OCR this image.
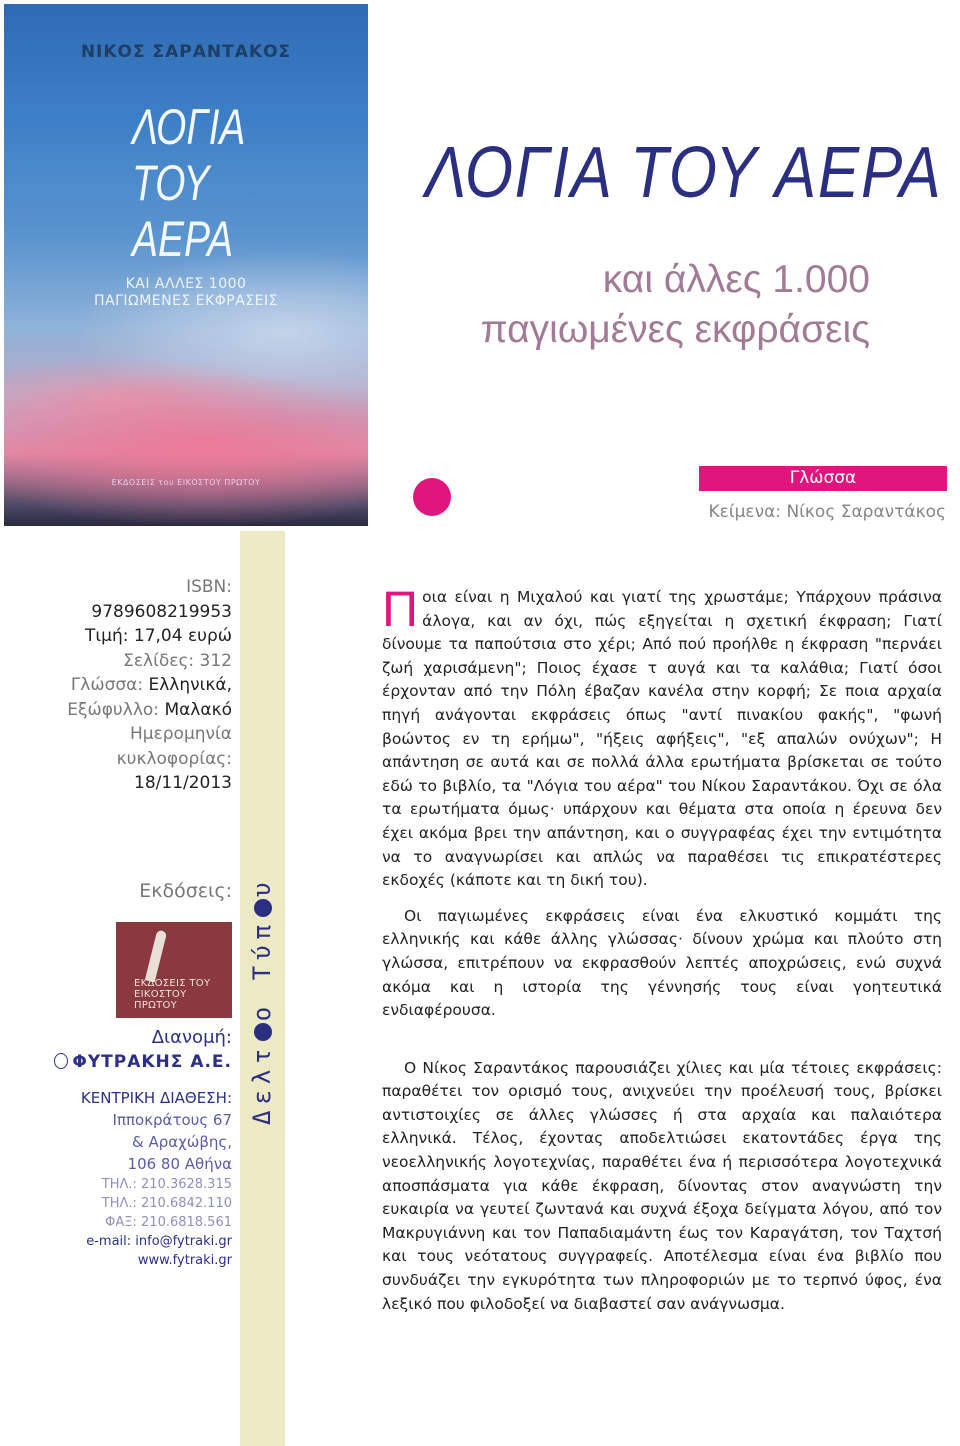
ΝΙΚΟΣ ΣΑΡΑΝΤΑΚΟΣ
ΛΟΓΙΑ
ΤΟΥ
ΑΕΡΑ
ΚΑΙ ΑΛΛΕΣ 1000
ΠΑΓΙΩΜΕΝΕΣ ΕΚΦΡΑΣΕΙΣ
ΕΚΔΟΣΕΙΣ του ΕΙΚΟΣΤΟΥ ΠΡΩΤΟΥ
ΛΟΓΙΑ ΤΟΥ ΑΕΡΑ
και άλλες 1.000
παγιωμένες εκφράσεις
Γλώσσα
Κείμενα: Νίκος Σαραντάκος
ISBN:
9789608219953
Τιμή: 17,04 ευρώ
Σελίδες: 312
Γλώσσα: Ελληνικά,
Εξώφυλλο: Μαλακό
Ημερομηνία
κυκλοφορίας:
18/11/2013
Εκδόσεις:
ΕΚΔΟΣΕΙΣ ΤΟΥ ΕΙΚΟΣΤΟΥ ΠΡΩΤΟΥ
Διανομή:
ΦΥΤΡΑΚΗΣ Α.Ε.
ΚΕΝΤΡΙΚΗ ΔΙΑΘΕΣΗ:
Ιπποκράτους 67
& Αραχώβης,
106 80 Αθήνα
ΤΗΛ.: 210.3628.315
ΤΗΛ.: 210.6842.110
ΦΑΞ: 210.6818.561
e-mail: info@fytraki.gr
www.fytraki.gr
Δελτο Τύπυ

Ποια είναι η Μιχαλού και γιατί της χρωστάμε; Υπάρχουν πράσινα άλογα, και αν όχι, πώς εξηγείται η σχετική έκφραση; Γιατί δίνουμε τα παπούτσια στο χέρι; Από πού προήλθε η έκφραση "περνάει ζωή χαρισάμενη"; Ποιος έχασε τ αυγά και τα καλάθια; Γιατί όσοι έρχονταν από την Πόλη έβαζαν κανέλα στην κορφή; Σε ποια αρχαία πηγή ανάγονται εκφράσεις όπως "αντί πινακίου φακής", "φωνή βοώντος εν τη ερήμω", "ήξεις αφήξεις", "εξ απαλών ονύχων"; Η απάντηση σε αυτά και σε πολλά άλλα ερωτήματα βρίσκεται σε τούτο εδώ το βιβλίο, τα "Λόγια του αέρα" του Νίκου Σαραντάκου. Όχι σε όλα τα ερωτήματα όμως· υπάρχουν και θέματα στα οποία η έρευνα δεν έχει ακόμα βρει την απάντηση, και ο συγγραφέας έχει την εντιμότητα να το αναγνωρίσει και απλώς να παραθέσει τις επικρατέστερες εκδοχές (κάποτε και τη δική του).

Οι παγιωμένες εκφράσεις είναι ένα ελκυστικό κομμάτι της ελληνικής και κάθε άλλης γλώσσας· δίνουν χρώμα και πλούτο στη γλώσσα, επιτρέπουν να εκφρασθούν λεπτές αποχρώσεις, ενώ συχνά ακόμα και η ιστορία της γέννησής τους είναι γοητευτικά ενδιαφέρουσα.

Ο Νίκος Σαραντάκος παρουσιάζει χίλιες και μία τέτοιες εκφράσεις: παραθέτει τον ορισμό τους, ανιχνεύει την προέλευσή τους, βρίσκει αντιστοιχίες σε άλλες γλώσσες ή στα αρχαία και παλαιότερα ελληνικά. Τέλος, έχοντας αποδελτιώσει εκατοντάδες έργα της νεοελληνικής λογοτεχνίας, παραθέτει ένα ή περισσότερα λογοτεχνικά αποσπάσματα για κάθε έκφραση, δίνοντας στον αναγνώστη την ευκαιρία να γευτεί ζωντανά και συχνά έξοχα δείγματα λόγου, από τον Μακρυγιάννη και τον Παπαδιαμάντη έως τον Καραγάτση, τον Ταχτσή και τους νεότατους συγγραφείς. Αποτέλεσμα είναι ένα βιβλίο που συνδυάζει την εγκυρότητα των πληροφοριών με το τερπνό ύφος, ένα λεξικό που φιλοδοξεί να διαβαστεί σαν ανάγνωσμα.
